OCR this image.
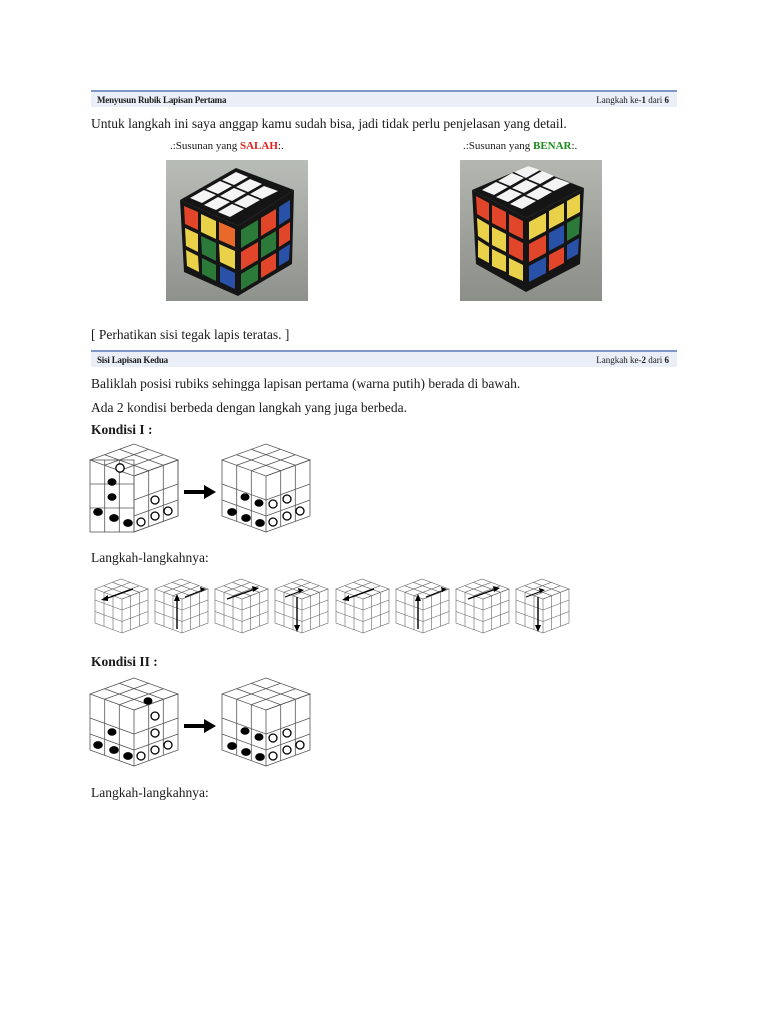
Menyusun Rubik Lapisan Pertama	Langkah ke-1 dari 6
Untuk langkah ini saya anggap kamu sudah bisa, jadi tidak perlu penjelasan yang detail.
.:Susunan yang SALAH:.	.:Susunan yang BENAR:.
[ Perhatikan sisi tegak lapis teratas. ]
Sisi Lapisan Kedua	Langkah ke-2 dari 6
Baliklah posisi rubiks sehingga lapisan pertama (warna putih) berada di bawah.
Ada 2 kondisi berbeda dengan langkah yang juga berbeda.
Kondisi I :
Langkah-langkahnya:
Kondisi II :
Langkah-langkahnya:
